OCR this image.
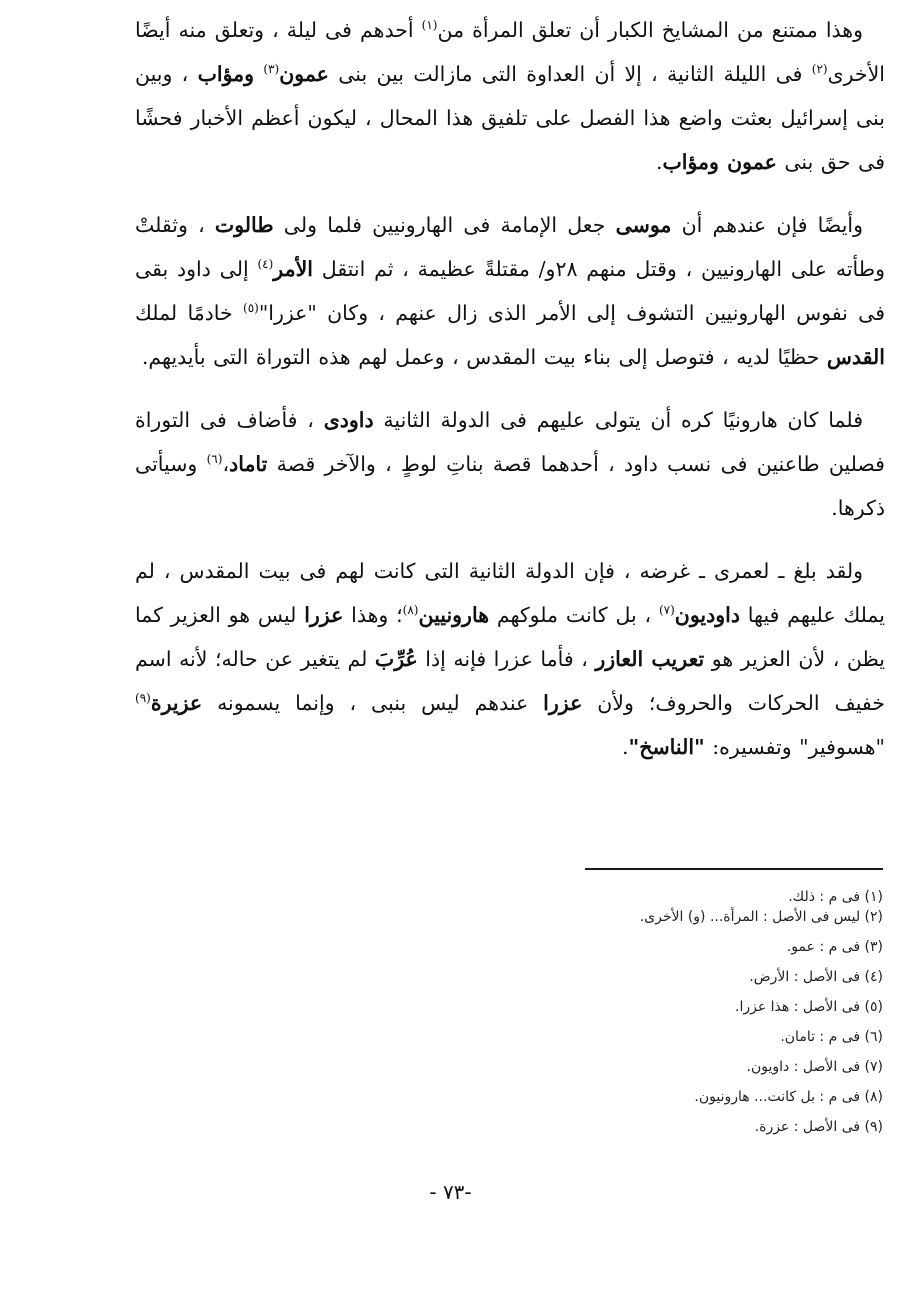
وهذا ممتنع من المشايخ الكبار أن تعلق المرأة من$^{(١)}$ أحدهم فى ليلة ، وتعلق منه أيضًا الأخرى$^{(٢)}$ فى الليلة الثانية ، إلا أن العداوة التى مازالت بين بنى عمون$^{(٣)}$ ومؤاب ، وبين بنى إسرائيل بعثت واضع هذا الفصل على تلفيق هذا المحال ، ليكون أعظم الأخبار فحشًا فى حق بنى عمون ومؤاب.

وأيضًا فإن عندهم أن موسى جعل الإمامة فى الهارونيين فلما ولى طالوت ، وثقلتْ وطأته على الهارونيين ، وقتل منهم ٢٨و/ مقتلةً عظيمة ، ثم انتقل الأمر$^{(٤)}$ إلى داود بقى فى نفوس الهارونيين التشوف إلى الأمر الذى زال عنهم ، وكان "عزرا"$^{(٥)}$ خادمًا لملك القدس حظيًا لديه ، فتوصل إلى بناء بيت المقدس ، وعمل لهم هذه التوراة التى بأيديهم.

فلما كان هارونيًا كره أن يتولى عليهم فى الدولة الثانية داودى ، فأضاف فى التوراة فصلين طاعنين فى نسب داود ، أحدهما قصة بناتِ لوطٍ ، والآخر قصة تاماد،$^{(٦)}$ وسيأتى ذكرها.

ولقد بلغ ـ لعمرى ـ غرضه ، فإن الدولة الثانية التى كانت لهم فى بيت المقدس ، لم يملك عليهم فيها داوديون$^{(٧)}$ ، بل كانت ملوكهم هارونيين$^{(٨)}$؛ وهذا عزرا ليس هو العزير كما يظن ، لأن العزير هو تعريب العازر ، فأما عزرا فإنه إذا عُرِّبَ لم يتغير عن حاله؛ لأنه اسم خفيف الحركات والحروف؛ ولأن عزرا عندهم ليس بنبى ، وإنما يسمونه عزيرة$^{(٩)}$ "هسوفير" وتفسيره: "الناسخ".

(١) فى م : ذلك.
(٢) ليس فى الأصل : المرأة... (و) الأخرى.
(٣) فى م : عمو.
(٤) فى الأصل : الأرض.
(٥) فى الأصل : هذا عزرا.
(٦) فى م : تامان.
(٧) فى الأصل : داويون.
(٨) فى م : بل كانت... هارونيون.
(٩) فى الأصل : عزرة.
-٧٣ -
